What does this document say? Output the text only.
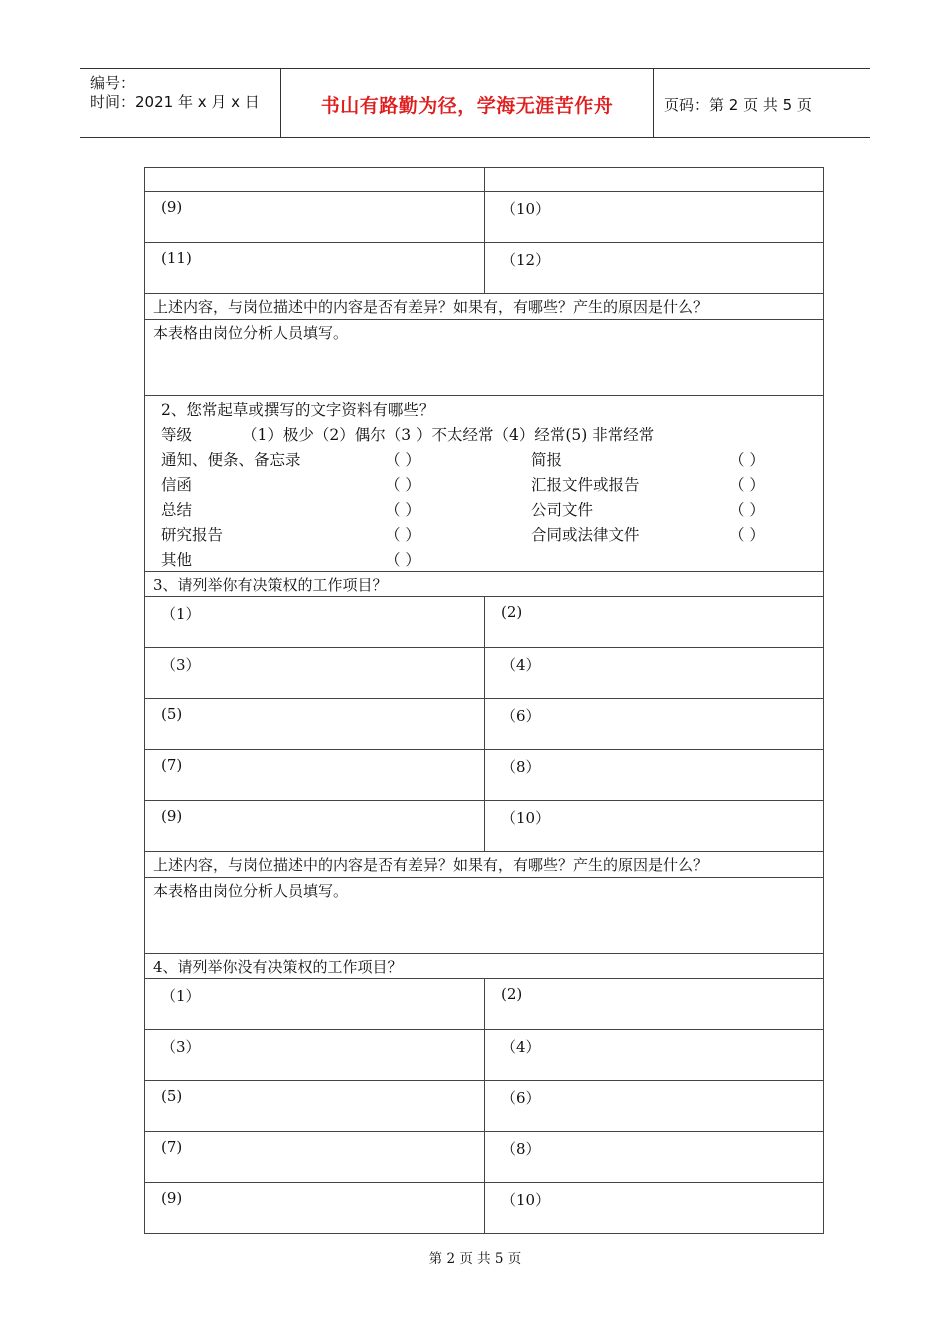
编号：
时间：2021 年 x 月 x 日	书山有路勤为径，学海无涯苦作舟	页码：第 2 页 共 5 页
(9)	（10）
(11)	（12）
上述内容，与岗位描述中的内容是否有差异？如果有，有哪些？产生的原因是什么？
本表格由岗位分析人员填写。
2、您常起草或撰写的文字资料有哪些？
等级	（1）极少（2）偶尔（3 ）不太经常（4）经常(5) 非常经常
通知、便条、备忘录	（ ）	简报	（ ）
信函	（ ）	汇报文件或报告	（ ）
总结	（ ）	公司文件	（ ）
研究报告	（ ）	合同或法律文件	（ ）
其他	（ ）
3、请列举你有决策权的工作项目？
（1）	(2)
（3）	（4）
(5)	（6）
(7)	（8）
(9)	（10）
上述内容，与岗位描述中的内容是否有差异？如果有，有哪些？产生的原因是什么？
本表格由岗位分析人员填写。
4、请列举你没有决策权的工作项目？
（1）	(2)
（3）	（4）
(5)	（6）
(7)	（8）
(9)	（10）
第 2 页 共 5 页
